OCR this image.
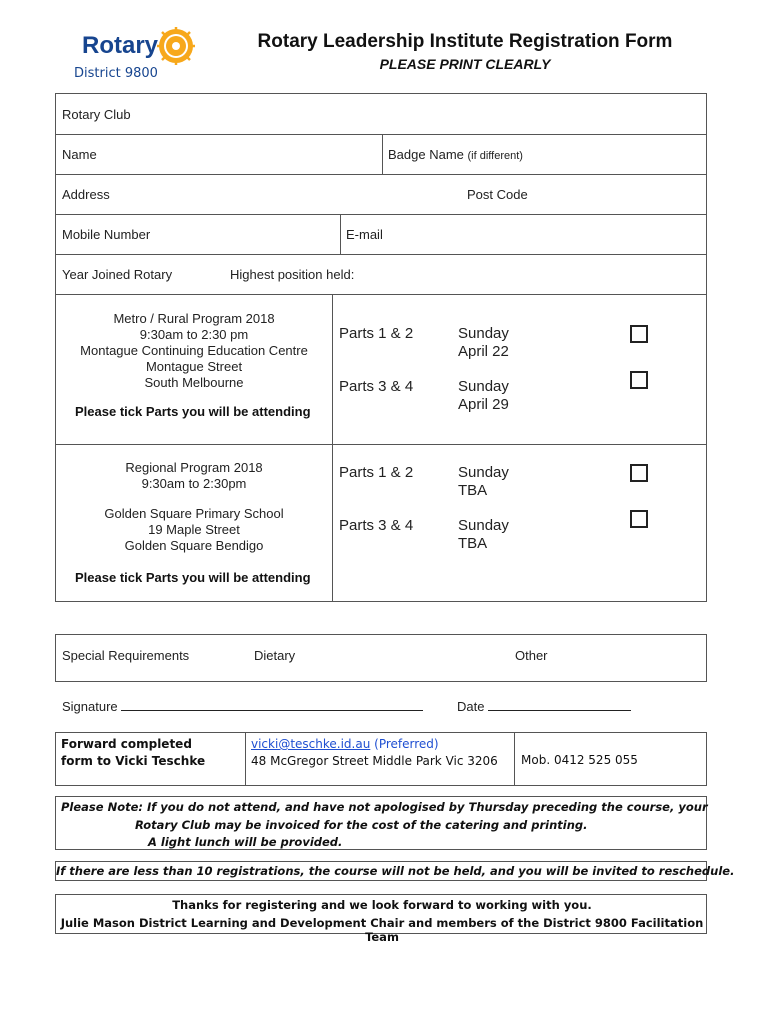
Rotary
District 9800
Rotary Leadership Institute Registration Form
PLEASE PRINT CLEARLY
Rotary Club
Name	Badge Name (if different)
Address	Post Code
Mobile Number	E-mail
Year Joined Rotary	Highest position held:
Metro / Rural Program 2018
9:30am to 2:30 pm
Montague Continuing Education Centre
Montague Street
South Melbourne
Please tick Parts you will be attending
Parts 1 & 2	Sunday
April 22
Parts 3 & 4	Sunday
April 29
Regional Program 2018
9:30am to 2:30pm
Golden Square Primary School
19 Maple Street
Golden Square Bendigo
Please tick Parts you will be attending
Parts 1 & 2	Sunday
TBA
Parts 3 & 4	Sunday
TBA
Special Requirements	Dietary	Other
Signature	Date
Forward completed
form to Vicki Teschke
vicki@teschke.id.au (Preferred)
48 McGregor Street Middle Park Vic 3206 Mob. 0412 525 055
Please Note: If you do not attend, and have not apologised by Thursday preceding the course, your
Rotary Club may be invoiced for the cost of the catering and printing.
A light lunch will be provided.
If there are less than 10 registrations, the course will not be held, and you will be invited to reschedule.
Thanks for registering and we look forward to working with you.
Julie Mason District Learning and Development Chair and members of the District 9800 Facilitation Team
